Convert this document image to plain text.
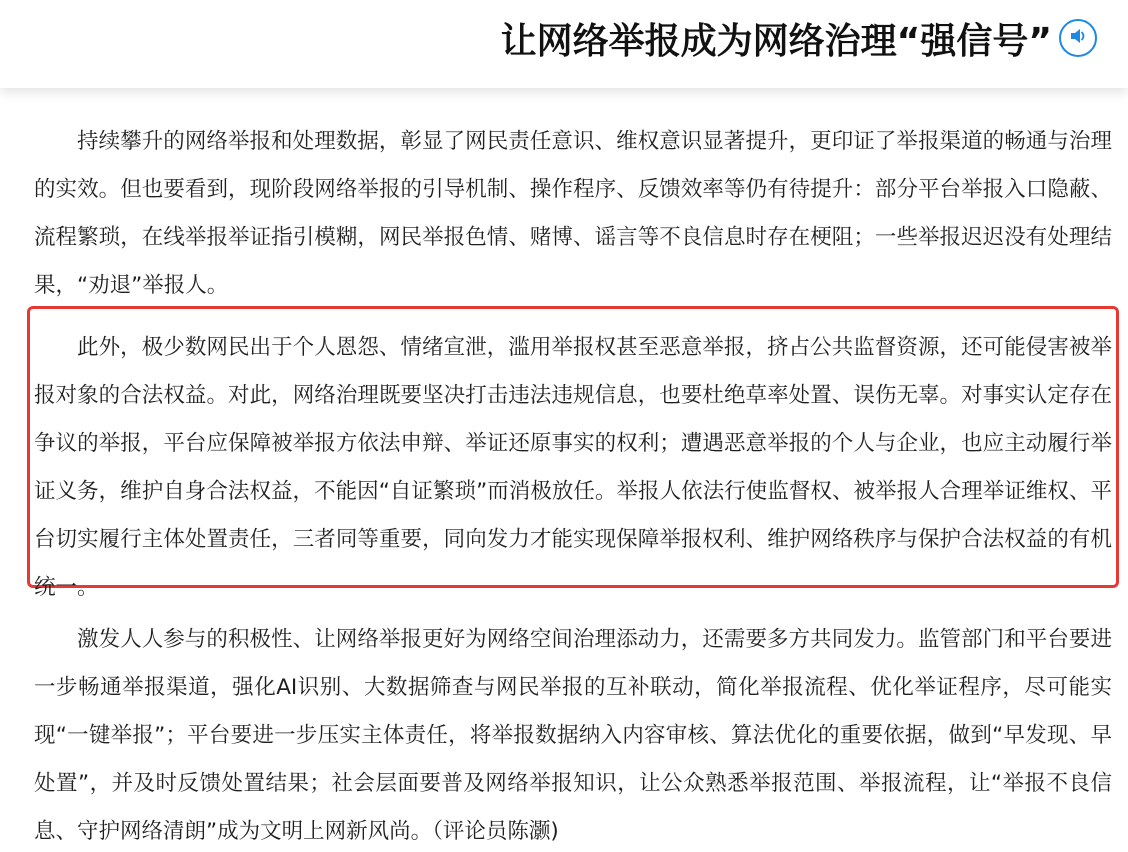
让网络举报成为网络治理“强信号”

持续攀升的网络举报和处理数据，彰显了网民责任意识、维权意识显著提升，更印证了举报渠道的畅通与治理的实效。但也要看到，现阶段网络举报的引导机制、操作程序、反馈效率等仍有待提升：部分平台举报入口隐蔽、流程繁琐，在线举报举证指引模糊，网民举报色情、赌博、谣言等不良信息时存在梗阻；一些举报迟迟没有处理结果，“劝退”举报人。

此外，极少数网民出于个人恩怨、情绪宣泄，滥用举报权甚至恶意举报，挤占公共监督资源，还可能侵害被举报对象的合法权益。对此，网络治理既要坚决打击违法违规信息，也要杜绝草率处置、误伤无辜。对事实认定存在争议的举报，平台应保障被举报方依法申辩、举证还原事实的权利；遭遇恶意举报的个人与企业，也应主动履行举证义务，维护自身合法权益，不能因“自证繁琐”而消极放任。举报人依法行使监督权、被举报人合理举证维权、平台切实履行主体处置责任，三者同等重要，同向发力才能实现保障举报权利、维护网络秩序与保护合法权益的有机统一。

激发人人参与的积极性、让网络举报更好为网络空间治理添动力，还需要多方共同发力。监管部门和平台要进一步畅通举报渠道，强化AI识别、大数据筛查与网民举报的互补联动，简化举报流程、优化举证程序，尽可能实现“一键举报”；平台要进一步压实主体责任，将举报数据纳入内容审核、算法优化的重要依据，做到“早发现、早处置”，并及时反馈处置结果；社会层面要普及网络举报知识，让公众熟悉举报范围、举报流程，让“举报不良信息、守护网络清朗”成为文明上网新风尚。（评论员陈灏)
